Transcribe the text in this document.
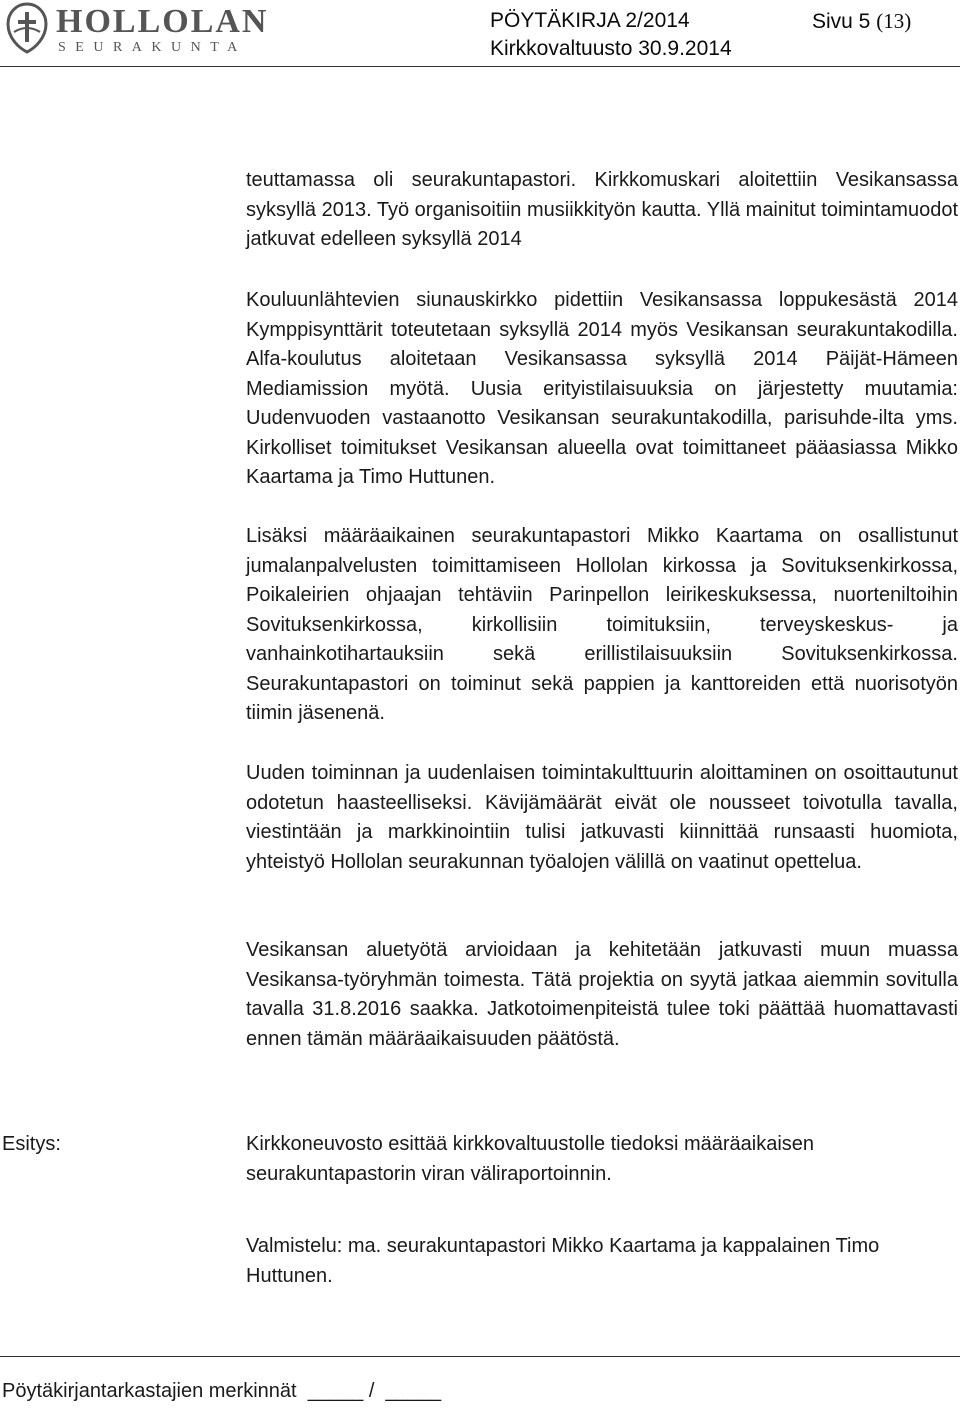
HOLLOLAN
SEURAKUNTA
PÖYTÄKIRJA 2/2014	Sivu 5 (13)
Kirkkovaltuusto 30.9.2014

teuttamassa oli seurakuntapastori. Kirkkomuskari aloitettiin Vesikansassa syksyllä 2013. Työ organisoitiin musiikkityön kautta. Yllä mainitut toimintamuodot jatkuvat edelleen syksyllä 2014

Kouluunlähtevien siunauskirkko pidettiin Vesikansassa loppukesästä 2014 Kymppisynttärit toteutetaan syksyllä 2014 myös Vesikansan seurakuntakodilla. Alfa-koulutus aloitetaan Vesikansassa syksyllä 2014 Päijät-Hämeen Mediamission myötä. Uusia erityistilaisuuksia on järjestetty muutamia: Uudenvuoden vastaanotto Vesikansan seurakuntakodilla, parisuhde-ilta yms. Kirkolliset toimitukset Vesikansan alueella ovat toimittaneet pääasiassa Mikko Kaartama ja Timo Huttunen.

Lisäksi määräaikainen seurakuntapastori Mikko Kaartama on osallistunut jumalanpalvelusten toimittamiseen Hollolan kirkossa ja Sovituksenkirkossa, Poikaleirien ohjaajan tehtäviin Parinpellon leirikeskuksessa, nuorteniltoihin Sovituksenkirkossa, kirkollisiin toimituksiin, terveyskeskus- ja vanhainkotihartauksiin sekä erillistilaisuuksiin Sovituksenkirkossa. Seurakuntapastori on toiminut sekä pappien ja kanttoreiden että nuorisotyön tiimin jäsenenä.

Uuden toiminnan ja uudenlaisen toimintakulttuurin aloittaminen on osoittautunut odotetun haasteelliseksi. Kävijämäärät eivät ole nousseet toivotulla tavalla, viestintään ja markkinointiin tulisi jatkuvasti kiinnittää runsaasti huomiota, yhteistyö Hollolan seurakunnan työalojen välillä on vaatinut opettelua.

Vesikansan aluetyötä arvioidaan ja kehitetään jatkuvasti muun muassa Vesikansa-työryhmän toimesta. Tätä projektia on syytä jatkaa aiemmin sovitulla tavalla 31.8.2016 saakka. Jatkotoimenpiteistä tulee toki päättää huomattavasti ennen tämän määräaikaisuuden päätöstä.

Esitys:	Kirkkoneuvosto esittää kirkkovaltuustolle tiedoksi määräaikaisen seurakuntapastorin viran väliraportoinnin.

Valmistelu: ma. seurakuntapastori Mikko Kaartama ja kappalainen Timo Huttunen.

Pöytäkirjantarkastajien merkinnät  _____ /  _____
